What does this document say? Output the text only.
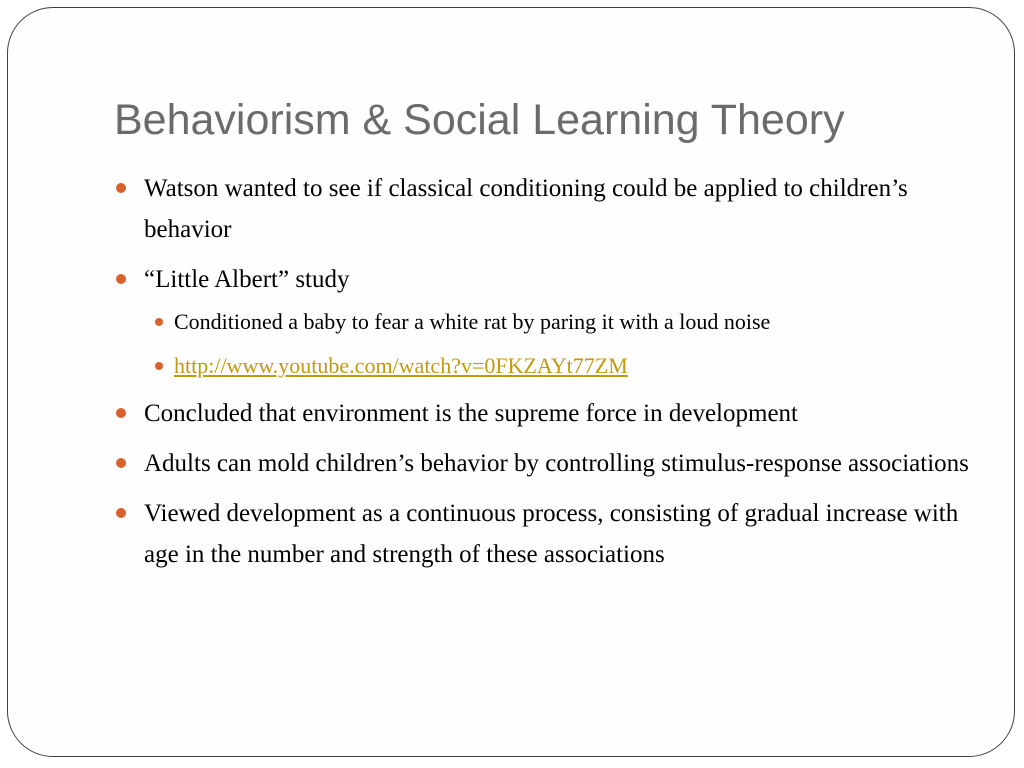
Behaviorism & Social Learning Theory
Watson wanted to see if classical conditioning could be applied to children’s behavior
“Little Albert” study
Conditioned a baby to fear a white rat by paring it with a loud noise
http://www.youtube.com/watch?v=0FKZAYt77ZM
Concluded that environment is the supreme force in development
Adults can mold children’s behavior by controlling stimulus-response associations
Viewed development as a continuous process, consisting of gradual increase with age in the number and strength of these associations
